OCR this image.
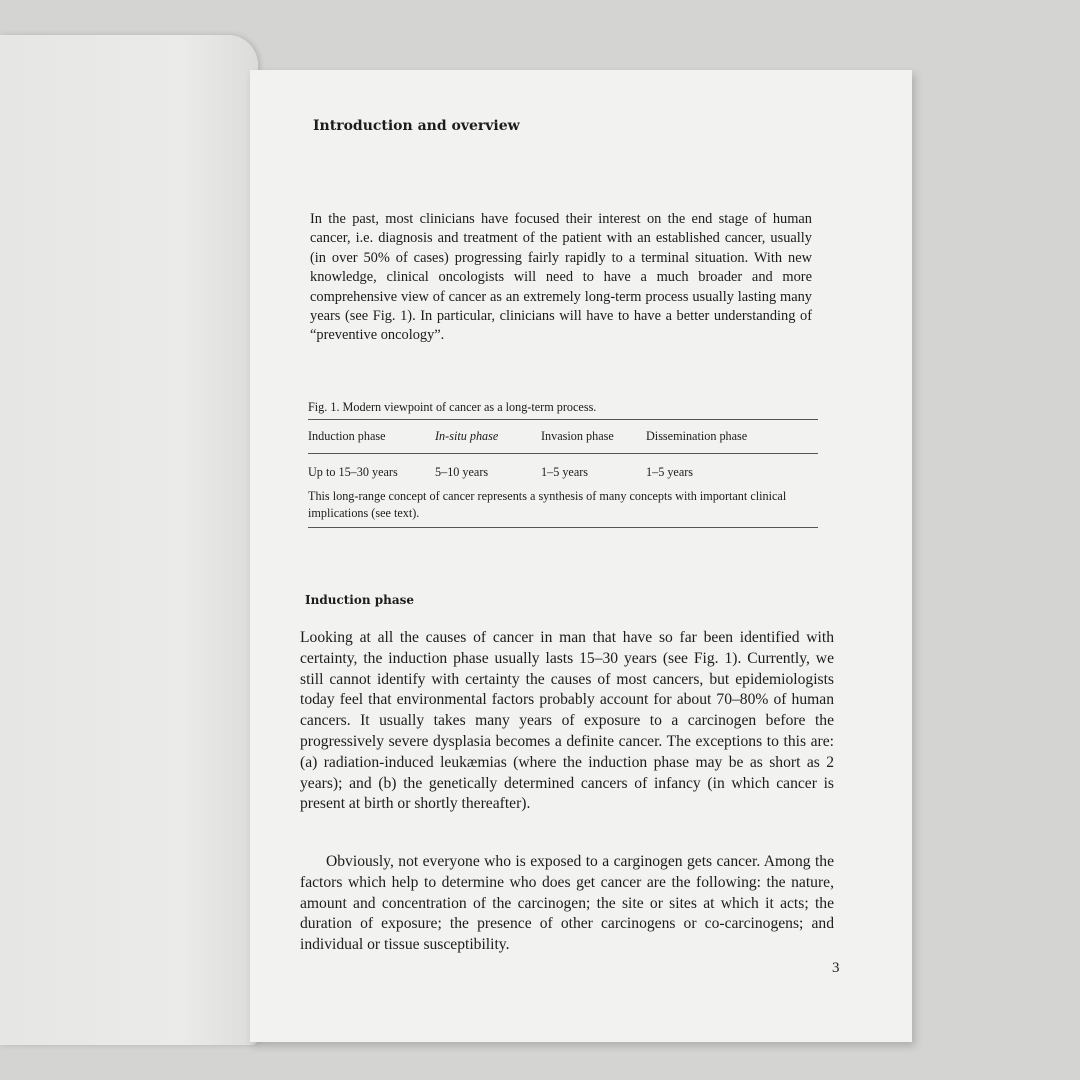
Introduction and overview

In the past, most clinicians have focused their interest on the end stage of human cancer, i.e. diagnosis and treatment of the patient with an established cancer, usually (in over 50% of cases) progressing fairly rapidly to a terminal situation. With new knowledge, clinical oncologists will need to have a much broader and more comprehensive view of cancer as an extremely long-term process usually lasting many years (see Fig. 1). In particular, clinicians will have to have a better understanding of “preventive oncology”.

Fig. 1. Modern viewpoint of cancer as a long-term process.

Induction phase	In-situ phase	Invasion phase	Dissemination phase
Up to 15–30 years	5–10 years	1–5 years	1–5 years

This long-range concept of cancer represents a synthesis of many concepts with important clinical implications (see text).

Induction phase

Looking at all the causes of cancer in man that have so far been identified with certainty, the induction phase usually lasts 15–30 years (see Fig. 1). Currently, we still cannot identify with certainty the causes of most cancers, but epidemiologists today feel that environmental factors probably account for about 70–80% of human cancers. It usually takes many years of exposure to a carcinogen before the progressively severe dysplasia becomes a definite cancer. The exceptions to this are: (a) radiation-induced leukæmias (where the induction phase may be as short as 2 years); and (b) the genetically determined cancers of infancy (in which cancer is present at birth or shortly thereafter).

Obviously, not everyone who is exposed to a carginogen gets cancer. Among the factors which help to determine who does get cancer are the following: the nature, amount and concentration of the carcinogen; the site or sites at which it acts; the duration of exposure; the presence of other carcinogens or co-carcinogens; and individual or tissue susceptibility.

3
